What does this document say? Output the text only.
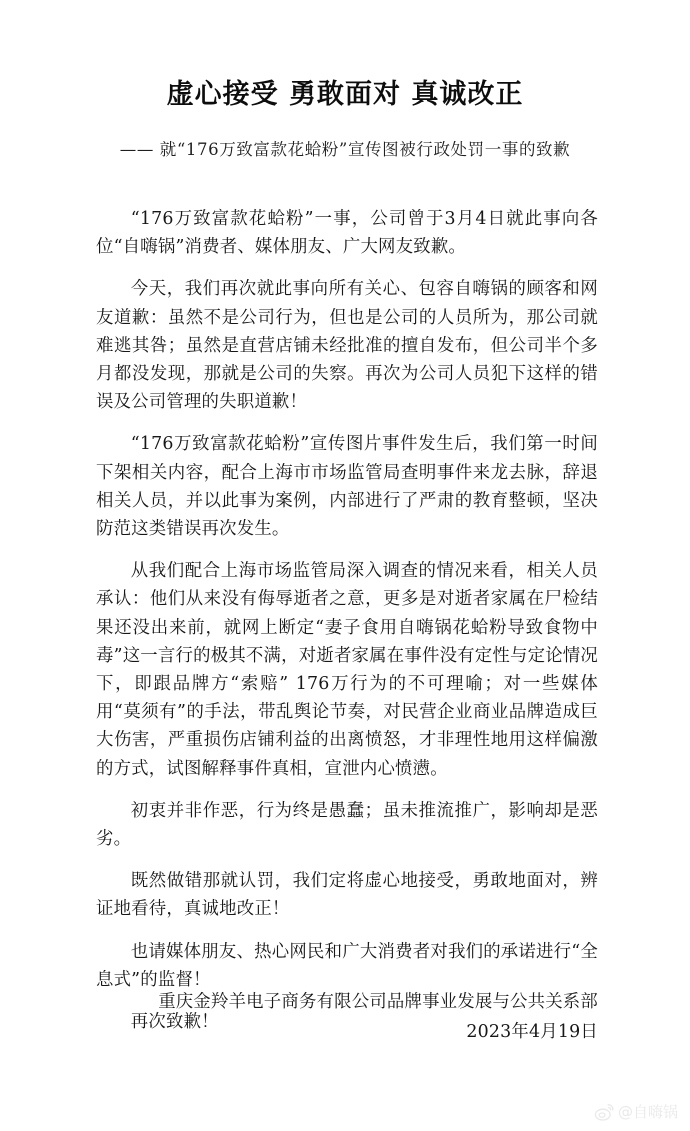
虚心接受 勇敢面对 真诚改正
—— 就“176万致富款花蛤粉”宣传图被行政处罚一事的致歉

“176万致富款花蛤粉”一事，公司曾于3月4日就此事向各位“自嗨锅”消费者、媒体朋友、广大网友致歉。

今天，我们再次就此事向所有关心、包容自嗨锅的顾客和网友道歉：虽然不是公司行为，但也是公司的人员所为，那公司就难逃其咎；虽然是直营店铺未经批准的擅自发布，但公司半个多月都没发现，那就是公司的失察。再次为公司人员犯下这样的错误及公司管理的失职道歉！

“176万致富款花蛤粉”宣传图片事件发生后，我们第一时间下架相关内容，配合上海市市场监管局查明事件来龙去脉，辞退相关人员，并以此事为案例，内部进行了严肃的教育整顿，坚决防范这类错误再次发生。

从我们配合上海市场监管局深入调查的情况来看，相关人员承认：他们从来没有侮辱逝者之意，更多是对逝者家属在尸检结果还没出来前，就网上断定“妻子食用自嗨锅花蛤粉导致食物中毒”这一言行的极其不满，对逝者家属在事件没有定性与定论情况下，即跟品牌方“索赔” 176万行为的不可理喻；对一些媒体用“莫须有”的手法，带乱舆论节奏，对民营企业商业品牌造成巨大伤害，严重损伤店铺利益的出离愤怒，才非理性地用这样偏激的方式，试图解释事件真相，宣泄内心愤懑。

初衷并非作恶，行为终是愚蠢；虽未推流推广，影响却是恶劣。

既然做错那就认罚，我们定将虚心地接受，勇敢地面对，辨证地看待，真诚地改正！

也请媒体朋友、热心网民和广大消费者对我们的承诺进行“全息式”的监督！

再次致歉！

重庆金羚羊电子商务有限公司品牌事业发展与公共关系部
2023年4月19日
@自嗨锅
